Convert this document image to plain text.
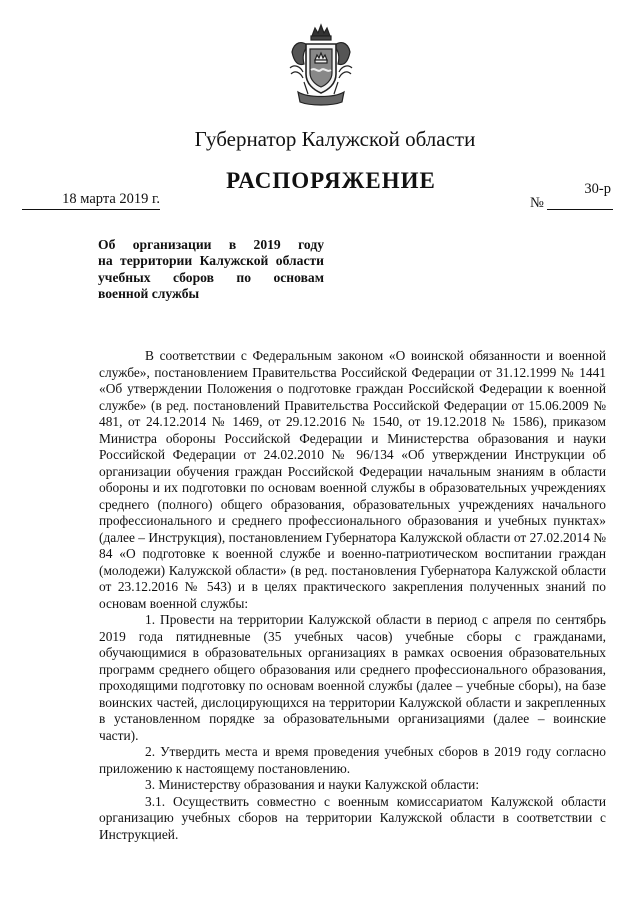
Губернатор Калужской области
РАСПОРЯЖЕНИЕ
18 марта 2019 г.	№
30-р
Об организации в 2019 году
на территории Калужской области
учебных сборов по основам

военной службы

В соответствии с Федеральным законом «О воинской обязанности и военной службе», постановлением Правительства Российской Федерации от 31.12.1999 № 1441 «Об утверждении Положения о подготовке граждан Российской Федерации к военной службе» (в ред. постановлений Правительства Российской Федерации от 15.06.2009 № 481, от 24.12.2014 № 1469, от 29.12.2016 № 1540, от 19.12.2018 № 1586), приказом Министра обороны Российской Федерации и Министерства образования и науки Российской Федерации от 24.02.2010 № 96/134 «Об утверждении Инструкции об организации обучения граждан Российской Федерации начальным знаниям в области обороны и их подготовки по основам военной службы в образовательных учреждениях среднего (полного) общего образования, образовательных учреждениях начального профессионального и среднего профессионального образования и учебных пунктах» (далее – Инструкция), постановлением Губернатора Калужской области от 27.02.2014 № 84 «О подготовке к военной службе и военно-патриотическом воспитании граждан (молодежи) Калужской области» (в ред. постановления Губернатора Калужской области от 23.12.2016 № 543) и в целях практического закрепления полученных знаний по основам военной службы:

1. Провести на территории Калужской области в период с апреля по сентябрь 2019 года пятидневные (35 учебных часов) учебные сборы с гражданами, обучающимися в образовательных организациях в рамках освоения образовательных программ среднего общего образования или среднего профессионального образования, проходящими подготовку по основам военной службы (далее – учебные сборы), на базе воинских частей, дислоцирующихся на территории Калужской области и закрепленных в установленном порядке за образовательными организациями (далее – воинские части).

2. Утвердить места и время проведения учебных сборов в 2019 году согласно приложению к настоящему постановлению.

3. Министерству образования и науки Калужской области:

3.1. Осуществить совместно с военным комиссариатом Калужской области организацию учебных сборов на территории Калужской области в соответствии с Инструкцией.
